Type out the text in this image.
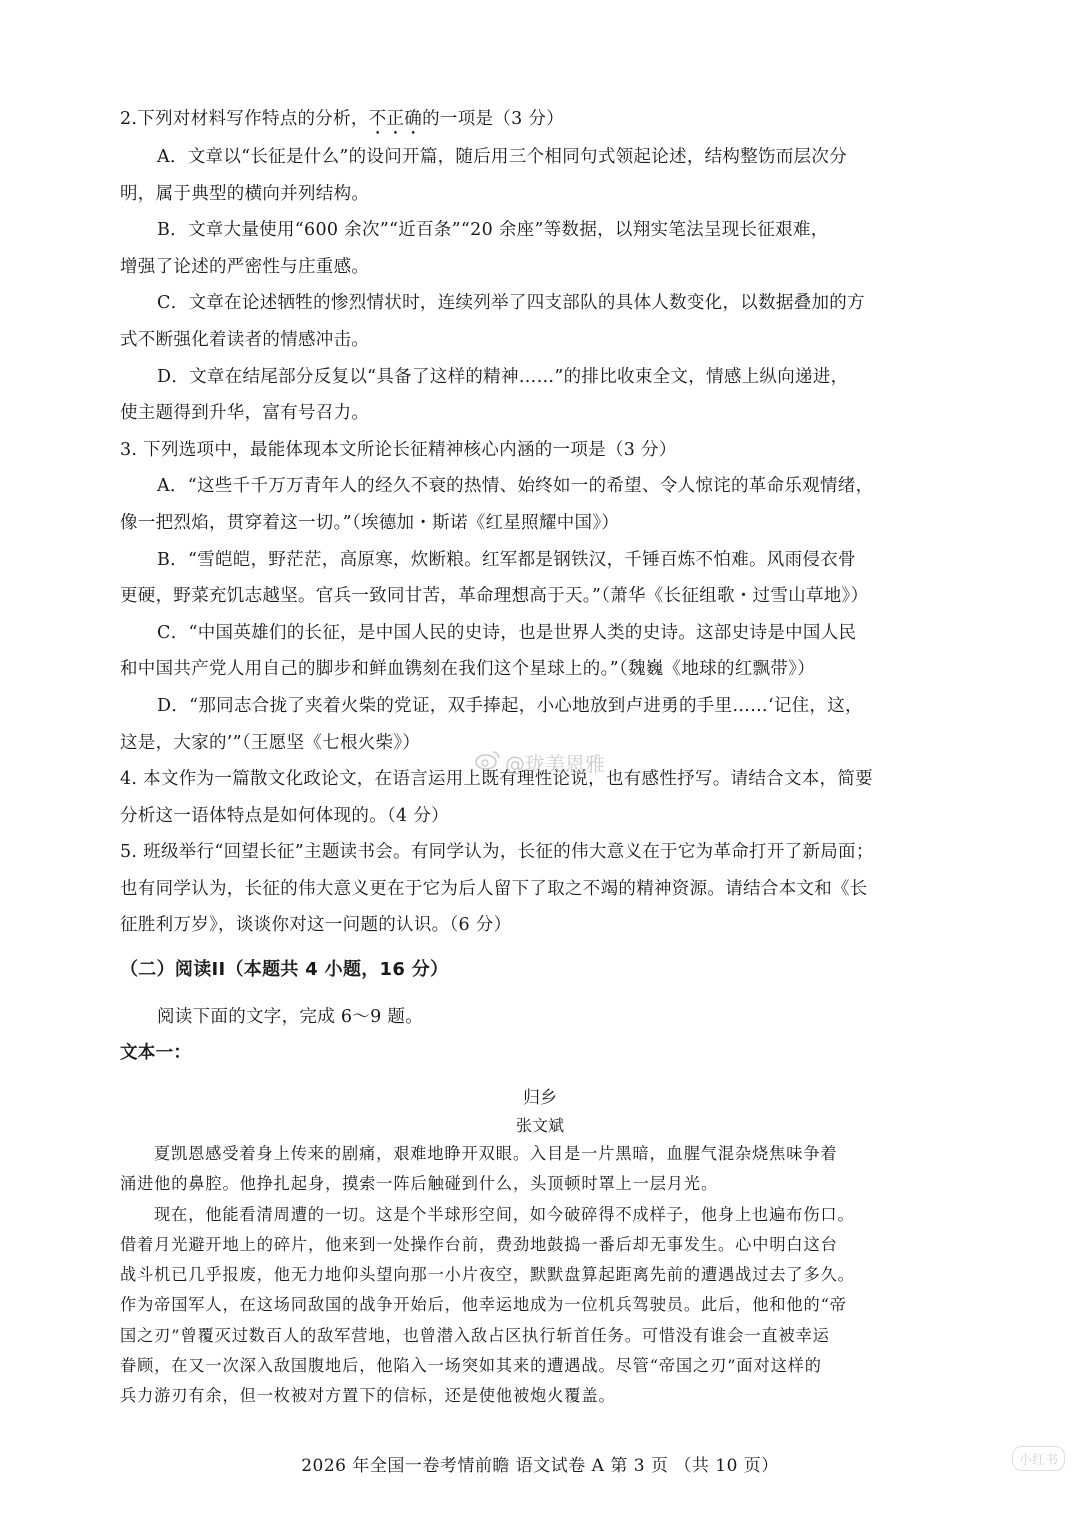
2.下列对材料写作特点的分析，不正确的一项是（3 分）
A．文章以“长征是什么”的设问开篇，随后用三个相同句式领起论述，结构整饬而层次分
明，属于典型的横向并列结构。
B．文章大量使用“600 余次”“近百条”“20 余座”等数据，以翔实笔法呈现长征艰难，
增强了论述的严密性与庄重感。
C．文章在论述牺牲的惨烈情状时，连续列举了四支部队的具体人数变化，以数据叠加的方
式不断强化着读者的情感冲击。
D．文章在结尾部分反复以“具备了这样的精神……”的排比收束全文，情感上纵向递进，
使主题得到升华，富有号召力。
3. 下列选项中，最能体现本文所论长征精神核心内涵的一项是（3 分）
A．“这些千千万万青年人的经久不衰的热情、始终如一的希望、令人惊诧的革命乐观情绪，
像一把烈焰，贯穿着这一切。”（埃德加・斯诺《红星照耀中国》）
B．“雪皑皑，野茫茫，高原寒，炊断粮。红军都是钢铁汉，千锤百炼不怕难。风雨侵衣骨
更硬，野菜充饥志越坚。官兵一致同甘苦，革命理想高于天。”（萧华《长征组歌・过雪山草地》）
C．“中国英雄们的长征，是中国人民的史诗，也是世界人类的史诗。这部史诗是中国人民
和中国共产党人用自己的脚步和鲜血镌刻在我们这个星球上的。”（魏巍《地球的红飘带》）
D．“那同志合拢了夹着火柴的党证，双手捧起，小心地放到卢进勇的手里……‘记住，这，
这是，大家的’”（王愿坚《七根火柴》）
4. 本文作为一篇散文化政论文，在语言运用上既有理性论说，也有感性抒写。请结合文本，简要
分析这一语体特点是如何体现的。（4 分）
5. 班级举行“回望长征”主题读书会。有同学认为，长征的伟大意义在于它为革命打开了新局面；
也有同学认为，长征的伟大意义更在于它为后人留下了取之不竭的精神资源。请结合本文和《长
征胜利万岁》，谈谈你对这一问题的认识。（6 分）
（二）阅读II（本题共 4 小题，16 分）
阅读下面的文字，完成 6～9 题。
文本一：
归乡
张文斌
夏凯恩感受着身上传来的剧痛，艰难地睁开双眼。入目是一片黑暗，血腥气混杂烧焦味争着
涌进他的鼻腔。他挣扎起身，摸索一阵后触碰到什么，头顶顿时罩上一层月光。
现在，他能看清周遭的一切。这是个半球形空间，如今破碎得不成样子，他身上也遍布伤口。
借着月光避开地上的碎片，他来到一处操作台前，费劲地鼓捣一番后却无事发生。心中明白这台
战斗机已几乎报废，他无力地仰头望向那一小片夜空，默默盘算起距离先前的遭遇战过去了多久。
作为帝国军人，在这场同敌国的战争开始后，他幸运地成为一位机兵驾驶员。此后，他和他的“帝
国之刃”曾覆灭过数百人的敌军营地，也曾潜入敌占区执行斩首任务。可惜没有谁会一直被幸运
眷顾，在又一次深入敌国腹地后，他陷入一场突如其来的遭遇战。尽管“帝国之刃”面对这样的
兵力游刃有余，但一枚被对方置下的信标，还是使他被炮火覆盖。
@珑美恩雅
小红书
2026 年全国一卷考情前瞻 语文试卷 A 第 3 页 （共 10 页）
